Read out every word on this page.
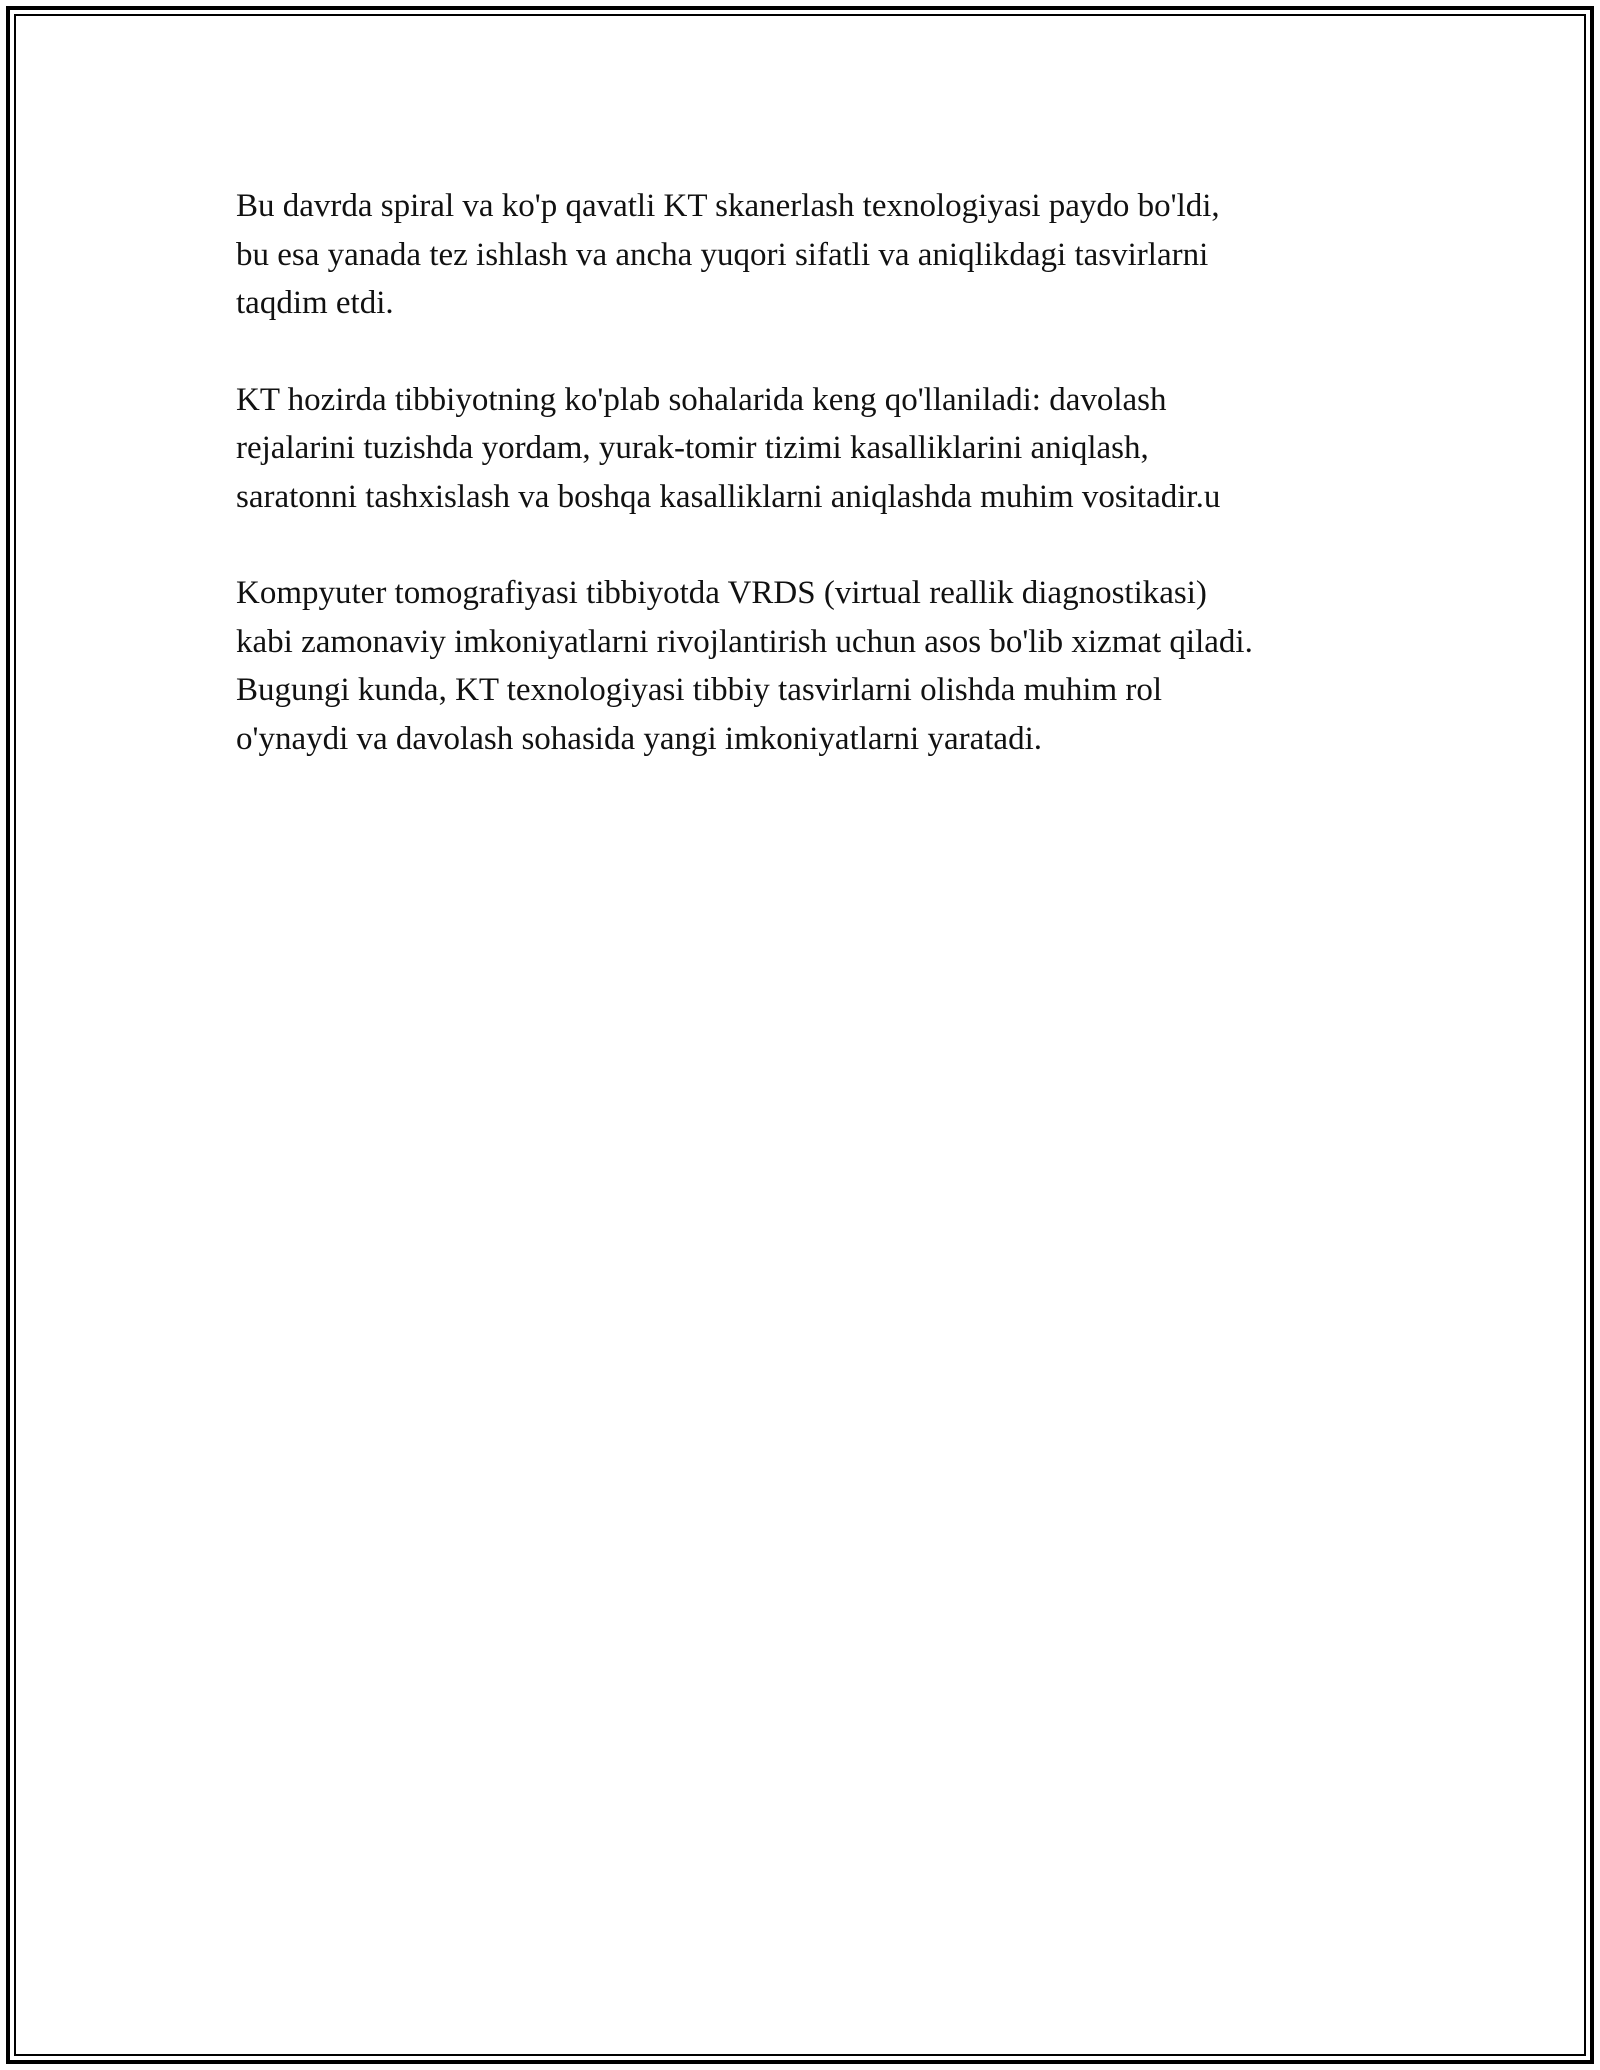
Bu davrda spiral va ko'p qavatli KT skanerlash texnologiyasi paydo bo'ldi,
bu esa yanada tez ishlash va ancha yuqori sifatli va aniqlikdagi tasvirlarni
taqdim etdi.

KT hozirda tibbiyotning ko'plab sohalarida keng qo'llaniladi: davolash
rejalarini tuzishda yordam, yurak-tomir tizimi kasalliklarini aniqlash,
saratonni tashxislash va boshqa kasalliklarni aniqlashda muhim vositadir.u

Kompyuter tomografiyasi tibbiyotda VRDS (virtual reallik diagnostikasi)
kabi zamonaviy imkoniyatlarni rivojlantirish uchun asos bo'lib xizmat qiladi.
Bugungi kunda, KT texnologiyasi tibbiy tasvirlarni olishda muhim rol
o'ynaydi va davolash sohasida yangi imkoniyatlarni yaratadi.
